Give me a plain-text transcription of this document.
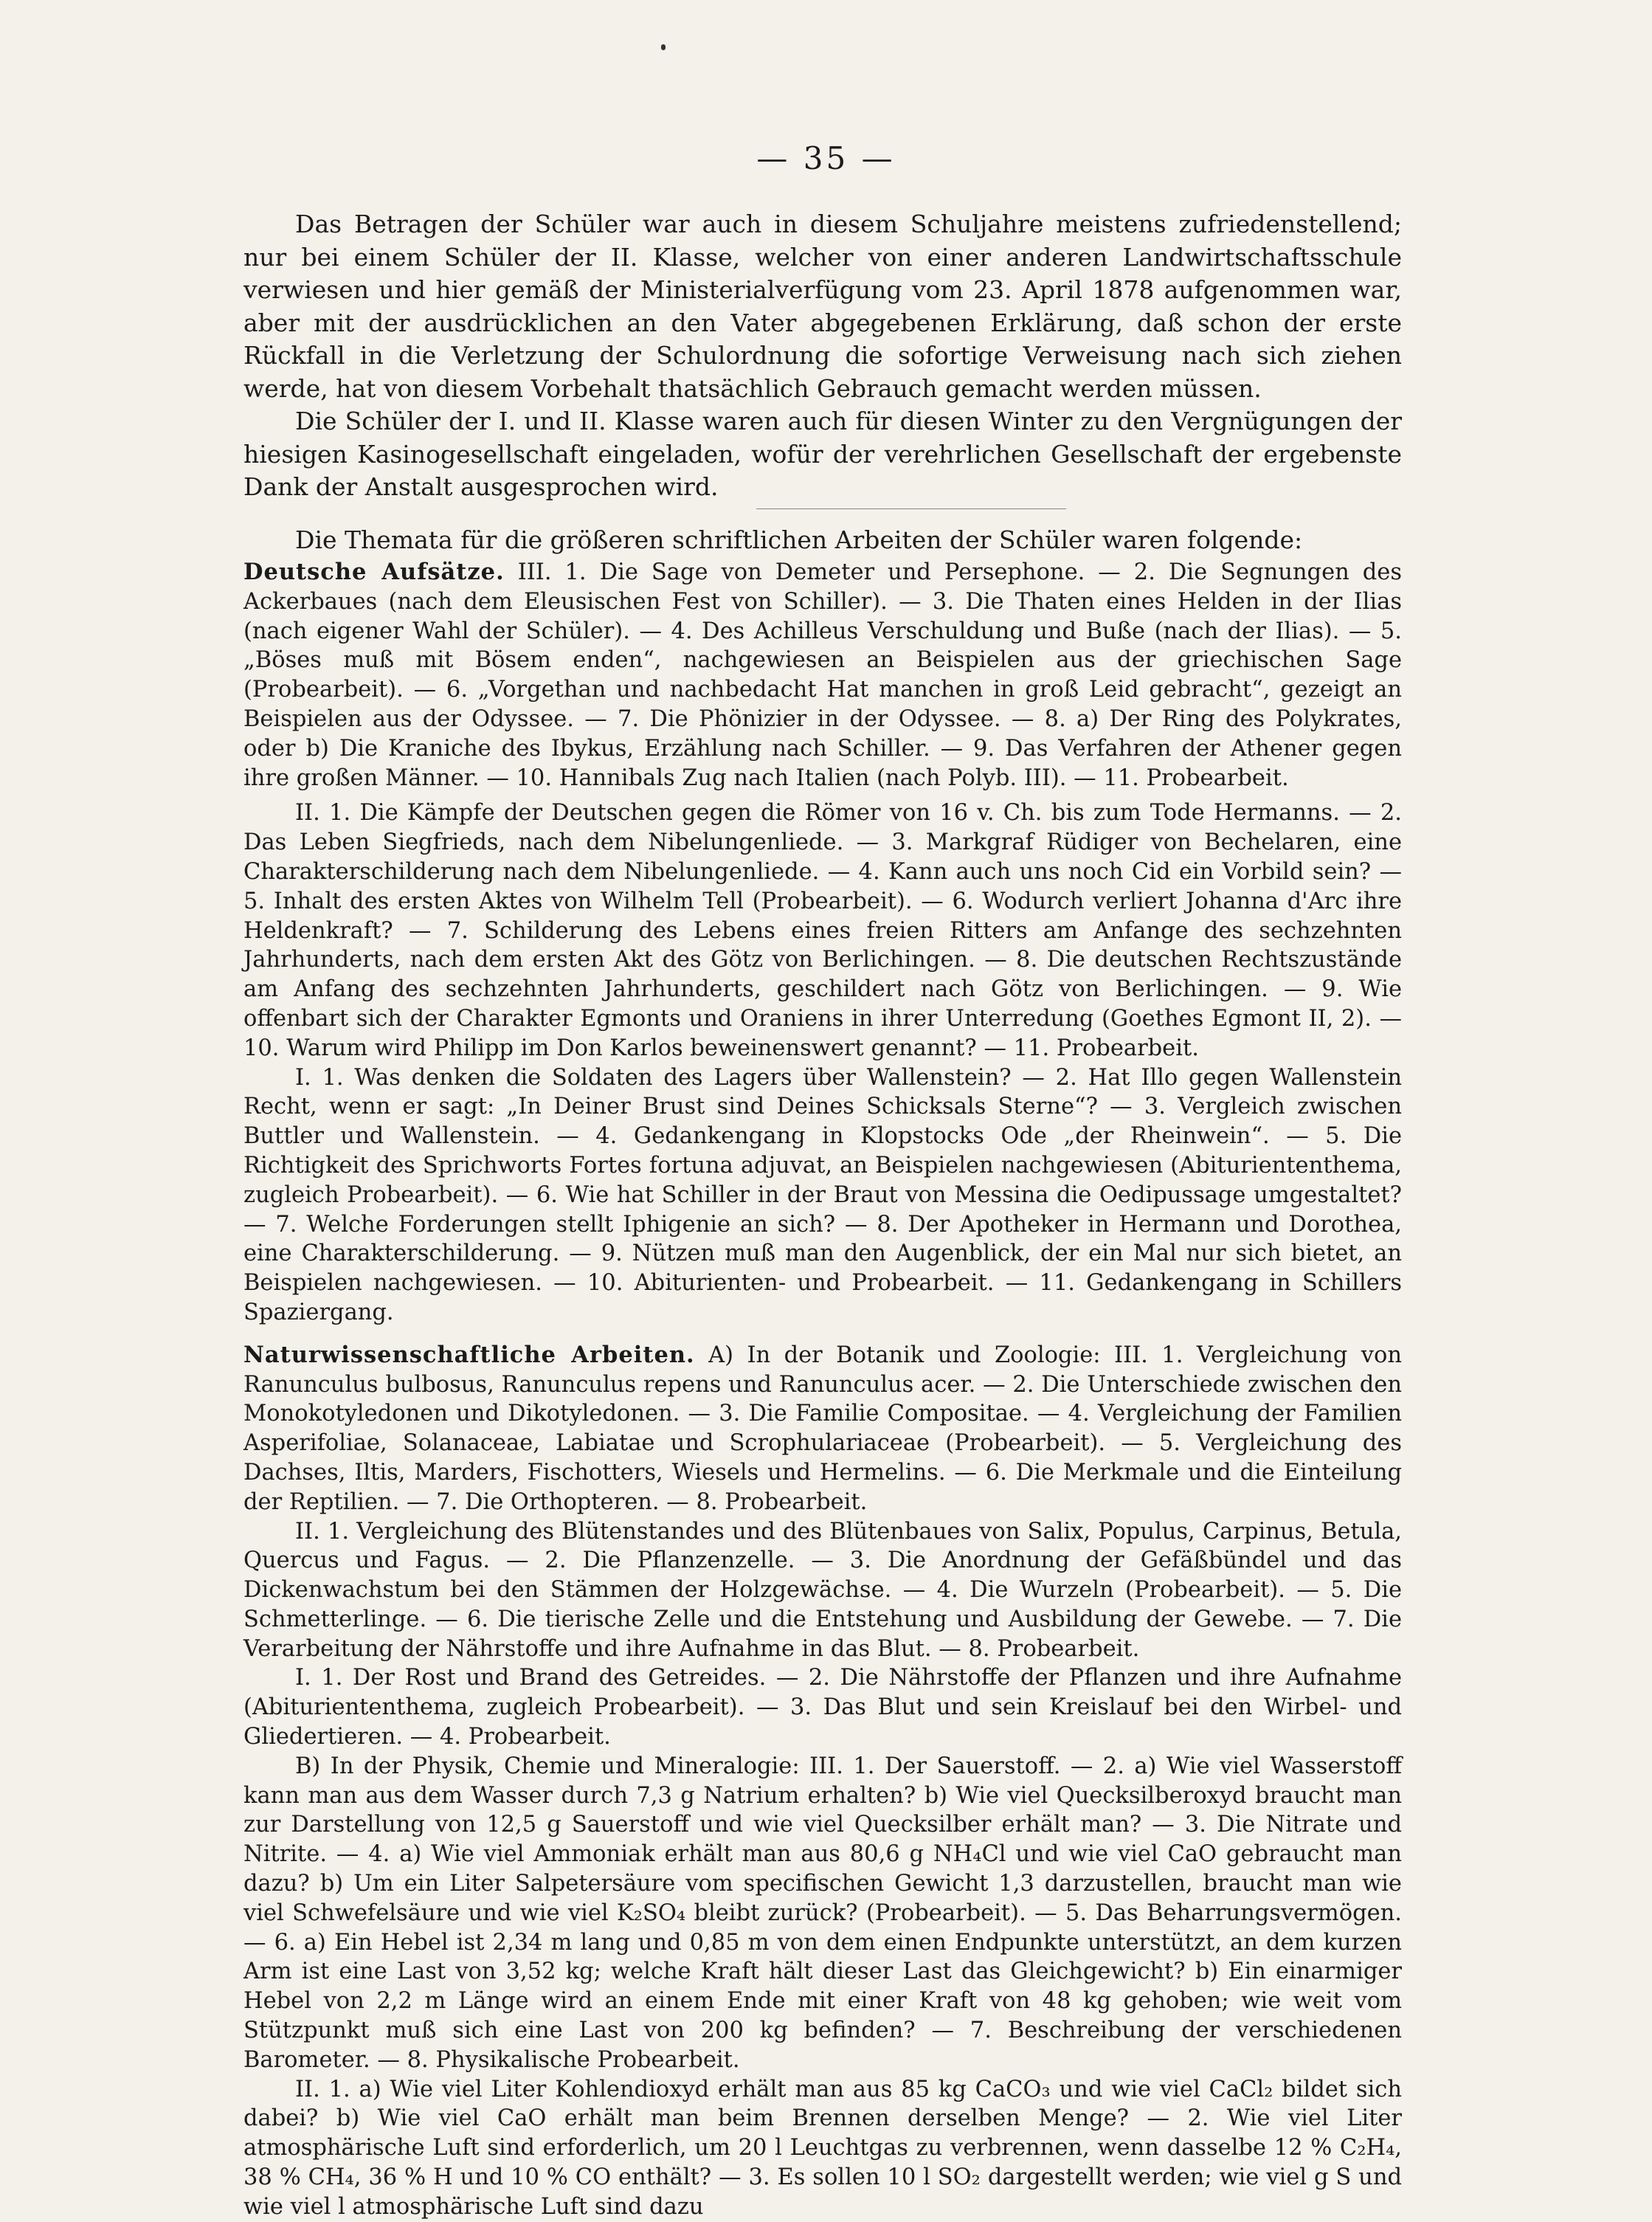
— 35 —

Das Betragen der Schüler war auch in diesem Schuljahre meistens zufriedenstellend; nur bei einem Schüler der II. Klasse, welcher von einer anderen Landwirtschaftsschule verwiesen und hier gemäß der Ministerialverfügung vom 23. April 1878 aufgenommen war, aber mit der ausdrücklichen an den Vater abgegebenen Erklärung, daß schon der erste Rückfall in die Verletzung der Schulordnung die sofortige Verweisung nach sich ziehen werde, hat von diesem Vorbehalt thatsächlich Gebrauch gemacht werden müssen.

Die Schüler der I. und II. Klasse waren auch für diesen Winter zu den Vergnügungen der hiesigen Kasinogesellschaft eingeladen, wofür der verehrlichen Gesellschaft der ergebenste Dank der Anstalt ausgesprochen wird.

Die Themata für die größeren schriftlichen Arbeiten der Schüler waren folgende:

Deutsche Aufsätze. III. 1. Die Sage von Demeter und Persephone. — 2. Die Segnungen des Ackerbaues (nach dem Eleusischen Fest von Schiller). — 3. Die Thaten eines Helden in der Ilias (nach eigener Wahl der Schüler). — 4. Des Achilleus Verschuldung und Buße (nach der Ilias). — 5. „Böses muß mit Bösem enden“, nachgewiesen an Beispielen aus der griechischen Sage (Probearbeit). — 6. „Vorgethan und nachbedacht Hat manchen in groß Leid gebracht“, gezeigt an Beispielen aus der Odyssee. — 7. Die Phönizier in der Odyssee. — 8. a) Der Ring des Polykrates, oder b) Die Kraniche des Ibykus, Erzählung nach Schiller. — 9. Das Verfahren der Athener gegen ihre großen Männer. — 10. Hannibals Zug nach Italien (nach Polyb. III). — 11. Probearbeit.

II. 1. Die Kämpfe der Deutschen gegen die Römer von 16 v. Ch. bis zum Tode Hermanns. — 2. Das Leben Siegfrieds, nach dem Nibelungenliede. — 3. Markgraf Rüdiger von Bechelaren, eine Charakterschilderung nach dem Nibelungenliede. — 4. Kann auch uns noch Cid ein Vorbild sein? — 5. Inhalt des ersten Aktes von Wilhelm Tell (Probearbeit). — 6. Wodurch verliert Johanna d'Arc ihre Heldenkraft? — 7. Schilderung des Lebens eines freien Ritters am Anfange des sechzehnten Jahrhunderts, nach dem ersten Akt des Götz von Berlichingen. — 8. Die deutschen Rechtszustände am Anfang des sechzehnten Jahrhunderts, geschildert nach Götz von Berlichingen. — 9. Wie offenbart sich der Charakter Egmonts und Oraniens in ihrer Unterredung (Goethes Egmont II, 2). — 10. Warum wird Philipp im Don Karlos beweinenswert genannt? — 11. Probearbeit.

I. 1. Was denken die Soldaten des Lagers über Wallenstein? — 2. Hat Illo gegen Wallenstein Recht, wenn er sagt: „In Deiner Brust sind Deines Schicksals Sterne“? — 3. Vergleich zwischen Buttler und Wallenstein. — 4. Gedankengang in Klopstocks Ode „der Rheinwein“. — 5. Die Richtigkeit des Sprichworts Fortes fortuna adjuvat, an Beispielen nachgewiesen (Abituriententhema, zugleich Probearbeit). — 6. Wie hat Schiller in der Braut von Messina die Oedipussage umgestaltet? — 7. Welche Forderungen stellt Iphigenie an sich? — 8. Der Apotheker in Hermann und Dorothea, eine Charakterschilderung. — 9. Nützen muß man den Augenblick, der ein Mal nur sich bietet, an Beispielen nachgewiesen. — 10. Abiturienten- und Probearbeit. — 11. Gedankengang in Schillers Spaziergang.

Naturwissenschaftliche Arbeiten. A) In der Botanik und Zoologie: III. 1. Vergleichung von Ranunculus bulbosus, Ranunculus repens und Ranunculus acer. — 2. Die Unterschiede zwischen den Monokotyledonen und Dikotyledonen. — 3. Die Familie Compositae. — 4. Vergleichung der Familien Asperifoliae, Solanaceae, Labiatae und Scrophulariaceae (Probearbeit). — 5. Vergleichung des Dachses, Iltis, Marders, Fischotters, Wiesels und Hermelins. — 6. Die Merkmale und die Einteilung der Reptilien. — 7. Die Orthopteren. — 8. Probearbeit.

II. 1. Vergleichung des Blütenstandes und des Blütenbaues von Salix, Populus, Carpinus, Betula, Quercus und Fagus. — 2. Die Pflanzenzelle. — 3. Die Anordnung der Gefäßbündel und das Dickenwachstum bei den Stämmen der Holzgewächse. — 4. Die Wurzeln (Probearbeit). — 5. Die Schmetterlinge. — 6. Die tierische Zelle und die Entstehung und Ausbildung der Gewebe. — 7. Die Verarbeitung der Nährstoffe und ihre Aufnahme in das Blut. — 8. Probearbeit.

I. 1. Der Rost und Brand des Getreides. — 2. Die Nährstoffe der Pflanzen und ihre Aufnahme (Abituriententhema, zugleich Probearbeit). — 3. Das Blut und sein Kreislauf bei den Wirbel- und Gliedertieren. — 4. Probearbeit.

B) In der Physik, Chemie und Mineralogie: III. 1. Der Sauerstoff. — 2. a) Wie viel Wasserstoff kann man aus dem Wasser durch 7,3 g Natrium erhalten? b) Wie viel Quecksilberoxyd braucht man zur Darstellung von 12,5 g Sauerstoff und wie viel Quecksilber erhält man? — 3. Die Nitrate und Nitrite. — 4. a) Wie viel Ammoniak erhält man aus 80,6 g NH₄Cl und wie viel CaO gebraucht man dazu? b) Um ein Liter Salpetersäure vom specifischen Gewicht 1,3 darzustellen, braucht man wie viel Schwefelsäure und wie viel K₂SO₄ bleibt zurück? (Probearbeit). — 5. Das Beharrungsvermögen. — 6. a) Ein Hebel ist 2,34 m lang und 0,85 m von dem einen Endpunkte unterstützt, an dem kurzen Arm ist eine Last von 3,52 kg; welche Kraft hält dieser Last das Gleichgewicht? b) Ein einarmiger Hebel von 2,2 m Länge wird an einem Ende mit einer Kraft von 48 kg gehoben; wie weit vom Stützpunkt muß sich eine Last von 200 kg befinden? — 7. Beschreibung der verschiedenen Barometer. — 8. Physikalische Probearbeit.

II. 1. a) Wie viel Liter Kohlendioxyd erhält man aus 85 kg CaCO₃ und wie viel CaCl₂ bildet sich dabei? b) Wie viel CaO erhält man beim Brennen derselben Menge? — 2. Wie viel Liter atmosphärische Luft sind erforderlich, um 20 l Leuchtgas zu verbrennen, wenn dasselbe 12 % C₂H₄, 38 % CH₄, 36 % H und 10 % CO enthält? — 3. Es sollen 10 l SO₂ dargestellt werden; wie viel g S und wie viel l atmosphärische Luft sind dazu
